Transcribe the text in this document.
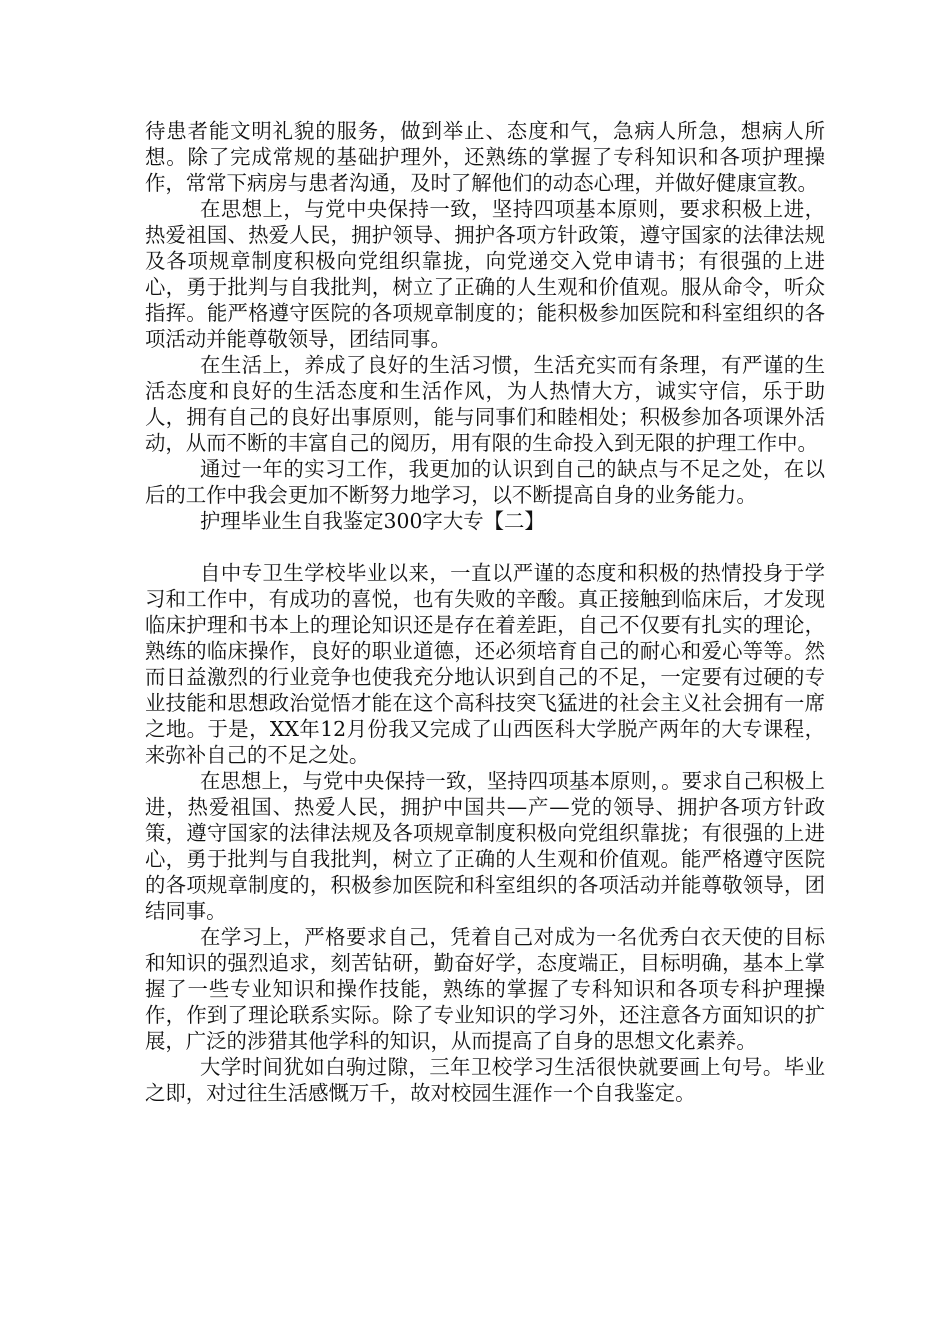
待患者能文明礼貌的服务，做到举止、态度和气，急病人所急，想病人所想。除了完成常规的基础护理外，还熟练的掌握了专科知识和各项护理操作，常常下病房与患者沟通，及时了解他们的动态心理，并做好健康宣教。

在思想上，与党中央保持一致，坚持四项基本原则，要求积极上进，热爱祖国、热爱人民，拥护领导、拥护各项方针政策，遵守国家的法律法规及各项规章制度积极向党组织靠拢，向党递交入党申请书；有很强的上进心，勇于批判与自我批判，树立了正确的人生观和价值观。服从命令，听众指挥。能严格遵守医院的各项规章制度的；能积极参加医院和科室组织的各项活动并能尊敬领导，团结同事。

在生活上，养成了良好的生活习惯，生活充实而有条理，有严谨的生活态度和良好的生活态度和生活作风，为人热情大方，诚实守信，乐于助人，拥有自己的良好出事原则，能与同事们和睦相处；积极参加各项课外活动，从而不断的丰富自己的阅历，用有限的生命投入到无限的护理工作中。

通过一年的实习工作，我更加的认识到自己的缺点与不足之处，在以后的工作中我会更加不断努力地学习，以不断提高自身的业务能力。

护理毕业生自我鉴定300字大专【二】

自中专卫生学校毕业以来，一直以严谨的态度和积极的热情投身于学习和工作中，有成功的喜悦，也有失败的辛酸。真正接触到临床后，才发现临床护理和书本上的理论知识还是存在着差距，自己不仅要有扎实的理论，熟练的临床操作，良好的职业道德，还必须培育自己的耐心和爱心等等。然而日益激烈的行业竞争也使我充分地认识到自己的不足，一定要有过硬的专业技能和思想政治觉悟才能在这个高科技突飞猛进的社会主义社会拥有一席之地。于是，XX年12月份我又完成了山西医科大学脱产两年的大专课程，来弥补自己的不足之处。

在思想上，与党中央保持一致，坚持四项基本原则，。要求自己积极上进，热爱祖国、热爱人民，拥护中国共—产—党的领导、拥护各项方针政策，遵守国家的法律法规及各项规章制度积极向党组织靠拢；有很强的上进心，勇于批判与自我批判，树立了正确的人生观和价值观。能严格遵守医院的各项规章制度的，积极参加医院和科室组织的各项活动并能尊敬领导，团结同事。

在学习上，严格要求自己，凭着自己对成为一名优秀白衣天使的目标和知识的强烈追求，刻苦钻研，勤奋好学，态度端正，目标明确，基本上掌握了一些专业知识和操作技能，熟练的掌握了专科知识和各项专科护理操作，作到了理论联系实际。除了专业知识的学习外，还注意各方面知识的扩展，广泛的涉猎其他学科的知识，从而提高了自身的思想文化素养。

大学时间犹如白驹过隙，三年卫校学习生活很快就要画上句号。毕业之即，对过往生活感慨万千，故对校园生涯作一个自我鉴定。
